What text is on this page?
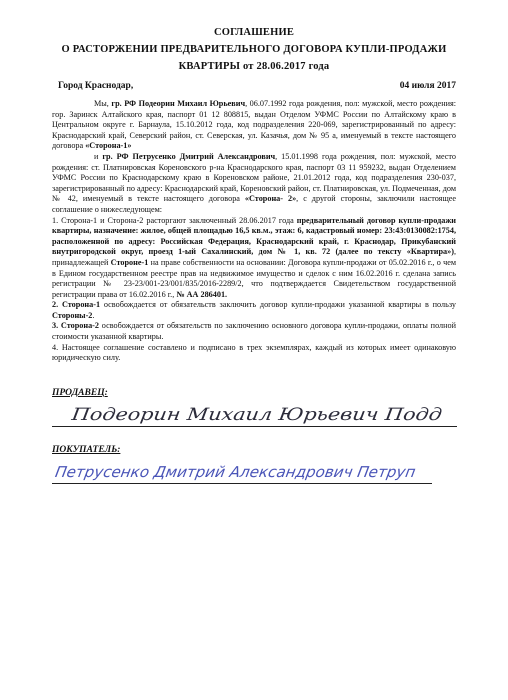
СОГЛАШЕНИЕ
О РАСТОРЖЕНИИ ПРЕДВАРИТЕЛЬНОГО ДОГОВОРА КУПЛИ-ПРОДАЖИ
КВАРТИРЫ от 28.06.2017 года
Город Краснодар,	04 июля 2017

Мы, гр. РФ Подеорин Михаил Юрьевич, 06.07.1992 года рождения, пол: мужской, место рождения: гор. Заринск Алтайского края, паспорт 01 12 808815, выдан Отделом УФМС России по Алтайскому краю в Центральном округе г. Барнаула, 15.10.2012 года, код подразделения 220-069, зарегистрированный по адресу: Краснодарский край, Северский район, ст. Северская, ул. Казачья, дом № 95 а, именуемый в тексте настоящего договора «Сторона-1»

и гр. РФ Петрусенко Дмитрий Александрович, 15.01.1998 года рождения, пол: мужской, место рождения: ст. Платнировская Кореновского р-на Краснодарского края, паспорт 03 11 959232, выдан Отделением УФМС России по Краснодарскому краю в Кореновском районе, 21.01.2012 года, код подразделения 230-037, зарегистрированный по адресу: Краснодарский край, Кореновский район, ст. Платнировская, ул. Подмеченная, дом № 42, именуемый в тексте настоящего договора «Сторона- 2», с другой стороны, заключили настоящее соглашение о нижеследующем:

1. Сторона-1 и Сторона-2 расторгают заключенный 28.06.2017 года предварительный договор купли-продажи квартиры, назначение: жилое, общей площадью 16,5 кв.м., этаж: 6, кадастровый номер: 23:43:0130082:1754, расположенной по адресу: Российская Федерация, Краснодарский край, г. Краснодар, Прикубанский внутригородской округ, проезд 1-ый Сахалинский, дом № 1, кв. 72 (далее по тексту «Квартира»), принадлежащей Стороне-1 на праве собственности на основании: Договора купли-продажи от 05.02.2016 г., о чем в Едином государственном реестре прав на недвижимое имущество и сделок с ним 16.02.2016 г. сделана запись регистрации № 23-23/001-23/001/835/2016-2289/2, что подтверждается Свидетельством государственной регистрации права от 16.02.2016 г., № АА 286401.

2. Сторона-1 освобождается от обязательств заключить договор купли-продажи указанной квартиры в пользу Стороны-2.

3. Сторона-2 освобождается от обязательств по заключению основного договора купли-продажи, оплаты полной стоимости указанной квартиры.

4. Настоящее соглашение составлено и подписано в трех экземплярах, каждый из которых имеет одинаковую юридическую силу.

ПРОДАВЕЦ:
Подеорин Михаил Юрьевич Подд
ПОКУПАТЕЛЬ:
Петрусенко Дмитрий Александрович Петруп
